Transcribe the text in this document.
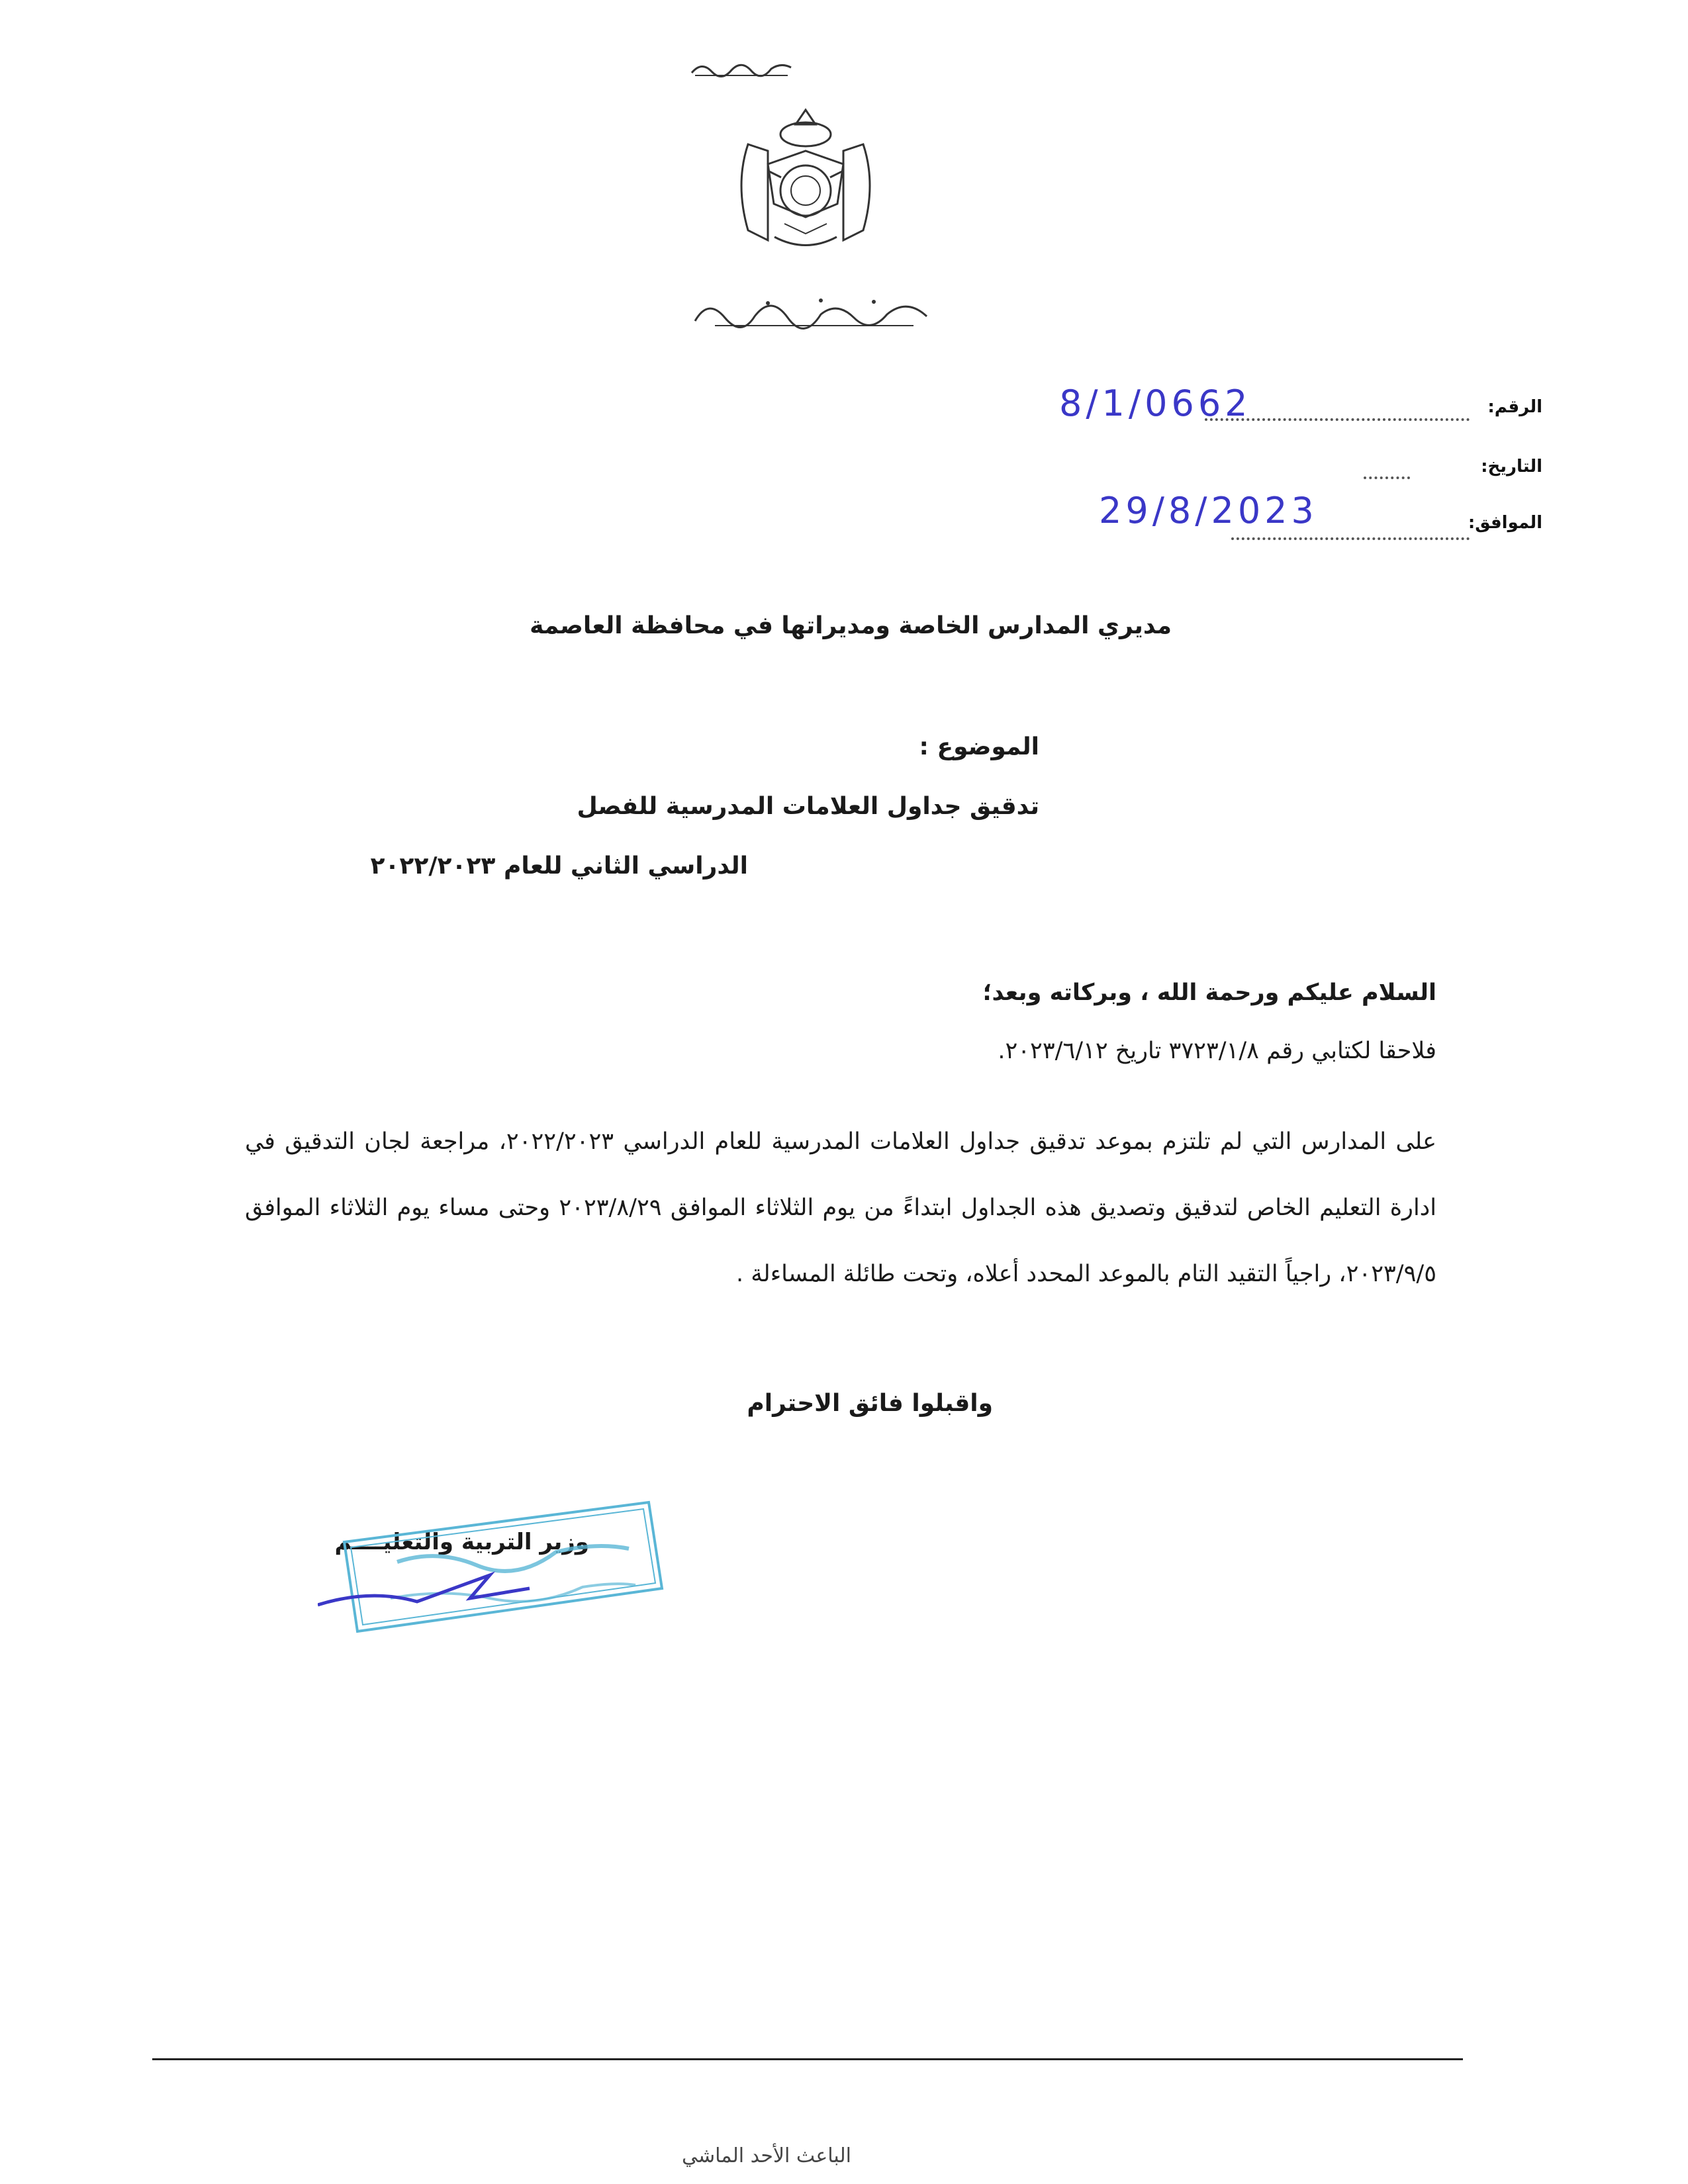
الرقم:
8/1/0662
التاريخ:
الموافق:
29/8/2023
مديري المدارس الخاصة ومديراتها في محافظة العاصمة
الموضوع :
تدقيق جداول العلامات المدرسية للفصل
الدراسي الثاني للعام ٢٠٢٢/٢٠٢٣
السلام عليكم ورحمة الله ، وبركاته وبعد؛
فلاحقا لكتابي رقم ٣٧٢٣/١/٨ تاريخ ٢٠٢٣/٦/١٢.
على المدارس التي لم تلتزم بموعد تدقيق جداول العلامات المدرسية للعام الدراسي ٢٠٢٢/٢٠٢٣، مراجعة لجان التدقيق في ادارة التعليم الخاص لتدقيق وتصديق هذه الجداول ابتداءً من يوم الثلاثاء الموافق ٢٠٢٣/٨/٢٩ وحتى مساء يوم الثلاثاء الموافق ٢٠٢٣/٩/٥، راجياً التقيد التام بالموعد المحدد أعلاه، وتحت طائلة المساءلة .
واقبلوا فائق الاحترام
وزير التربية والتعليــــم
الباعث الأحد الماشي
